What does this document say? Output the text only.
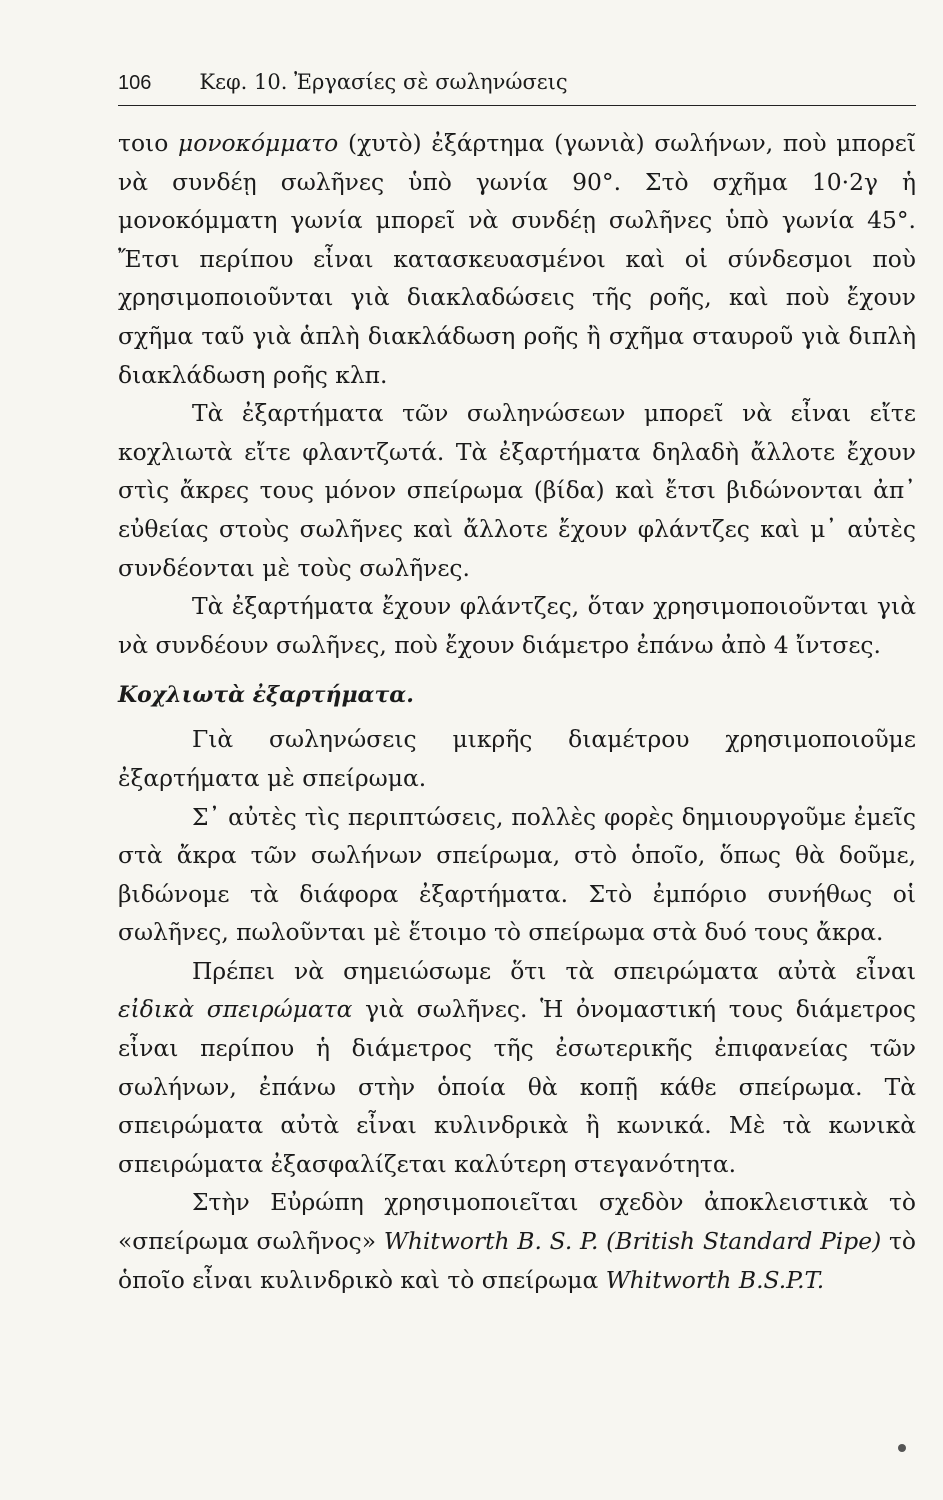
106 Κεφ. 10. Ἐργασίες σὲ σωληνώσεις

τοιο μονοκόμματο (χυτὸ) ἐξάρτημα (γωνιὰ) σωλήνων, ποὺ μπορεῖ νὰ συνδέῃ σωλῆνες ὑπὸ γωνία 90°. Στὸ σχῆμα 10·2γ ἡ μονοκόμματη γωνία μπορεῖ νὰ συνδέῃ σωλῆνες ὑπὸ γωνία 45°. Ἔτσι περίπου εἶναι κατασκευασμένοι καὶ οἱ σύνδεσμοι ποὺ χρησιμοποιοῦνται γιὰ διακλαδώσεις τῆς ροῆς, καὶ ποὺ ἔχουν σχῆμα ταῦ γιὰ ἁπλὴ διακλάδωση ροῆς ἢ σχῆμα σταυροῦ γιὰ διπλὴ διακλάδωση ροῆς κλπ.

Τὰ ἐξαρτήματα τῶν σωληνώσεων μπορεῖ νὰ εἶναι εἴτε κοχλιωτὰ εἴτε φλαντζωτά. Τὰ ἐξαρτήματα δηλαδὴ ἄλλοτε ἔχουν στὶς ἄκρες τους μόνον σπείρωμα (βίδα) καὶ ἔτσι βιδώνονται ἀπ᾿ εὐθείας στοὺς σωλῆνες καὶ ἄλλοτε ἔχουν φλάντζες καὶ μ᾿ αὐτὲς συνδέονται μὲ τοὺς σωλῆνες.

Τὰ ἐξαρτήματα ἔχουν φλάντζες, ὅταν χρησιμοποιοῦνται γιὰ νὰ συνδέουν σωλῆνες, ποὺ ἔχουν διάμετρο ἐπάνω ἀπὸ 4 ἴντσες.

Κοχλιωτὰ ἐξαρτήματα.

Γιὰ σωληνώσεις μικρῆς διαμέτρου χρησιμοποιοῦμε ἐξαρτήματα μὲ σπείρωμα.

Σ᾿ αὐτὲς τὶς περιπτώσεις, πολλὲς φορὲς δημιουργοῦμε ἐμεῖς στὰ ἄκρα τῶν σωλήνων σπείρωμα, στὸ ὁποῖο, ὅπως θὰ δοῦμε, βιδώνομε τὰ διάφορα ἐξαρτήματα. Στὸ ἐμπόριο συνήθως οἱ σωλῆνες, πωλοῦνται μὲ ἕτοιμο τὸ σπείρωμα στὰ δυό τους ἄκρα.

Πρέπει νὰ σημειώσωμε ὅτι τὰ σπειρώματα αὐτὰ εἶναι εἰδικὰ σπειρώματα γιὰ σωλῆνες. Ἡ ὀνομαστική τους διάμετρος εἶναι περίπου ἡ διάμετρος τῆς ἐσωτερικῆς ἐπιφανείας τῶν σωλήνων, ἐπάνω στὴν ὁποία θὰ κοπῇ κάθε σπείρωμα. Τὰ σπειρώματα αὐτὰ εἶναι κυλινδρικὰ ἢ κωνικά. Μὲ τὰ κωνικὰ σπειρώματα ἐξασφαλίζεται καλύτερη στεγανότητα.

Στὴν Εὐρώπη χρησιμοποιεῖται σχεδὸν ἀποκλειστικὰ τὸ «σπείρωμα σωλῆνος» Whitworth B. S. P. (British Standard Pipe) τὸ ὁποῖο εἶναι κυλινδρικὸ καὶ τὸ σπείρωμα Whitworth B.S.P.T.
